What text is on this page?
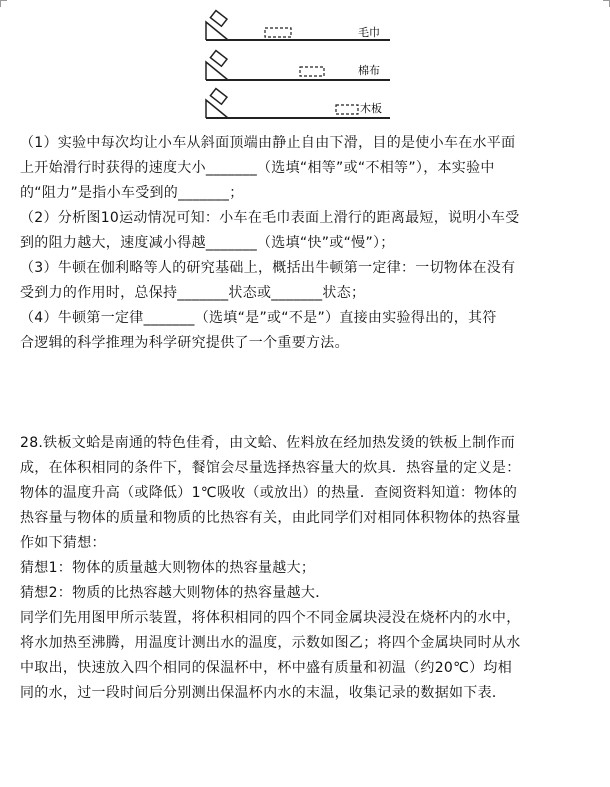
毛巾
棉布
木板
（1）实验中每次均让小车从斜面顶端由静止自由下滑，目的是使小车在水平面
上开始滑行时获得的速度大小_______（选填“相等”或“不相等”），本实验中
的“阻力”是指小车受到的_______；
（2）分析图10运动情况可知：小车在毛巾表面上滑行的距离最短，说明小车受
到的阻力越大，速度减小得越_______（选填“快”或“慢”）；
（3）牛顿在伽利略等人的研究基础上，概括出牛顿第一定律：一切物体在没有
受到力的作用时，总保持_______状态或_______状态；
（4）牛顿第一定律_______（选填“是”或“不是”）直接由实验得出的，其符
合逻辑的科学推理为科学研究提供了一个重要方法。
28.铁板文蛤是南通的特色佳肴，由文蛤、佐料放在经加热发烫的铁板上制作而
成，在体积相同的条件下，餐馆会尽量选择热容量大的炊具．热容量的定义是：
物体的温度升高（或降低）1℃吸收（或放出）的热量．查阅资料知道：物体的
热容量与物体的质量和物质的比热容有关，由此同学们对相同体积物体的热容量
作如下猜想：
猜想1：物体的质量越大则物体的热容量越大；
猜想2：物质的比热容越大则物体的热容量越大．
同学们先用图甲所示装置，将体积相同的四个不同金属块浸没在烧杯内的水中，
将水加热至沸腾，用温度计测出水的温度，示数如图乙；将四个金属块同时从水
中取出，快速放入四个相同的保温杯中，杯中盛有质量和初温（约20℃）均相
同的水，过一段时间后分别测出保温杯内水的末温，收集记录的数据如下表．
